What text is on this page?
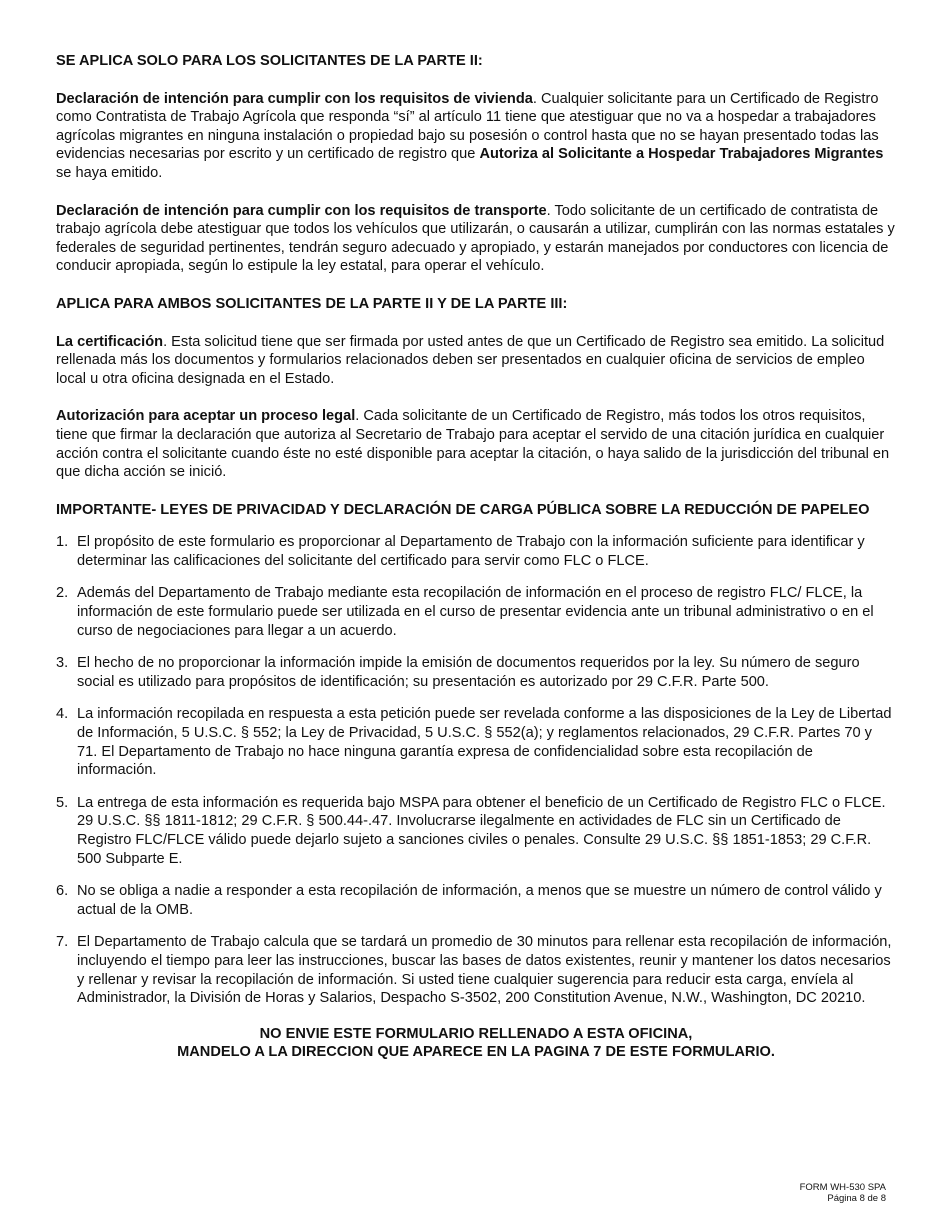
SE APLICA SOLO PARA LOS SOLICITANTES DE LA PARTE II:

Declaración de intención para cumplir con los requisitos de vivienda. Cualquier solicitante para un Certificado de Registro como Contratista de Trabajo Agrícola que responda “sí” al artículo 11 tiene que atestiguar que no va a hospedar a trabajadores agrícolas migrantes en ninguna instalación o propiedad bajo su posesión o control hasta que no se hayan presentado todas las evidencias necesarias por escrito y un certificado de registro que Autoriza al Solicitante a Hospedar Trabajadores Migrantes se haya emitido.

Declaración de intención para cumplir con los requisitos de transporte. Todo solicitante de un certificado de contratista de trabajo agrícola debe atestiguar que todos los vehículos que utilizarán, o causarán a utilizar, cumplirán con las normas estatales y federales de seguridad pertinentes, tendrán seguro adecuado y apropiado, y estarán manejados por conductores con licencia de conducir apropiada, según lo estipule la ley estatal, para operar el vehículo.

APLICA PARA AMBOS SOLICITANTES DE LA PARTE II Y DE LA PARTE III:

La certificación. Esta solicitud tiene que ser firmada por usted antes de que un Certificado de Registro sea emitido. La solicitud rellenada más los documentos y formularios relacionados deben ser presentados en cualquier oficina de servicios de empleo local u otra oficina designada en el Estado.

Autorización para aceptar un proceso legal. Cada solicitante de un Certificado de Registro, más todos los otros requisitos, tiene que firmar la declaración que autoriza al Secretario de Trabajo para aceptar el servido de una citación jurídica en cualquier acción contra el solicitante cuando éste no esté disponible para aceptar la citación, o haya salido de la jurisdicción del tribunal en que dicha acción se inició.

IMPORTANTE- LEYES DE PRIVACIDAD Y DECLARACIÓN DE CARGA PÚBLICA SOBRE LA REDUCCIÓN DE PAPELEO
1. El propósito de este formulario es proporcionar al Departamento de Trabajo con la información suficiente para identificar y determinar las calificaciones del solicitante del certificado para servir como FLC o FLCE.
2. Además del Departamento de Trabajo mediante esta recopilación de información en el proceso de registro FLC/ FLCE, la información de este formulario puede ser utilizada en el curso de presentar evidencia ante un tribunal administrativo o en el curso de negociaciones para llegar a un acuerdo.
3. El hecho de no proporcionar la información impide la emisión de documentos requeridos por la ley. Su número de seguro social es utilizado para propósitos de identificación; su presentación es autorizado por 29 C.F.R. Parte 500.
4. La información recopilada en respuesta a esta petición puede ser revelada conforme a las disposiciones de la Ley de Libertad de Información, 5 U.S.C. § 552; la Ley de Privacidad, 5 U.S.C. § 552(a); y reglamentos relacionados, 29 C.F.R. Partes 70 y 71. El Departamento de Trabajo no hace ninguna garantía expresa de confidencialidad sobre esta recopilación de información.
5. La entrega de esta información es requerida bajo MSPA para obtener el beneficio de un Certificado de Registro FLC o FLCE. 29 U.S.C. §§ 1811-1812; 29 C.F.R. § 500.44-.47. Involucrarse ilegalmente en actividades de FLC sin un Certificado de Registro FLC/FLCE válido puede dejarlo sujeto a sanciones civiles o penales. Consulte 29 U.S.C. §§ 1851-1853; 29 C.F.R. 500 Subparte E.
6. No se obliga a nadie a responder a esta recopilación de información, a menos que se muestre un número de control válido y actual de la OMB.
7. El Departamento de Trabajo calcula que se tardará un promedio de 30 minutos para rellenar esta recopilación de información, incluyendo el tiempo para leer las instrucciones, buscar las bases de datos existentes, reunir y mantener los datos necesarios y rellenar y revisar la recopilación de información. Si usted tiene cualquier sugerencia para reducir esta carga, envíela al Administrador, la División de Horas y Salarios, Despacho S-3502, 200 Constitution Avenue, N.W., Washington, DC 20210.
NO ENVIE ESTE FORMULARIO RELLENADO A ESTA OFICINA,
MANDELO A LA DIRECCION QUE APARECE EN LA PAGINA 7 DE ESTE FORMULARIO.
FORM WH-530 SPA
Página 8 de 8
